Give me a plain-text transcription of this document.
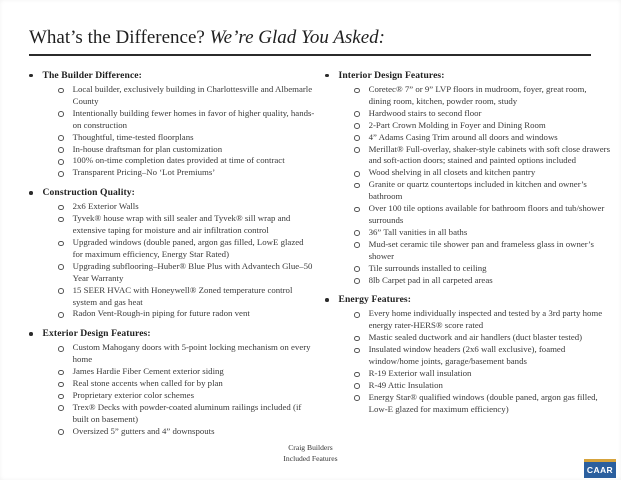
What’s the Difference? We’re Glad You Asked:
The Builder Difference:
Local builder, exclusively building in Charlottesville and Albemarle County
Intentionally building fewer homes in favor of higher quality, hands-on construction
Thoughtful, time-tested floorplans
In-house draftsman for plan customization
100% on-time completion dates provided at time of contract
Transparent Pricing–No ‘Lot Premiums’
Construction Quality:
2x6 Exterior Walls
Tyvek® house wrap with sill sealer and Tyvek® sill wrap and extensive taping for moisture and air infiltration control
Upgraded windows (double paned, argon gas filled, LowE glazed for maximum efficiency, Energy Star Rated)
Upgrading subflooring–Huber® Blue Plus with Advantech Glue–50 Year Warranty
15 SEER HVAC with Honeywell® Zoned temperature control system and gas heat
Radon Vent-Rough-in piping for future radon vent
Exterior Design Features:
Custom Mahogany doors with 5-point locking mechanism on every home
James Hardie Fiber Cement exterior siding
Real stone accents when called for by plan
Proprietary exterior color schemes
Trex® Decks with powder-coated aluminum railings included (if built on basement)
Oversized 5” gutters and 4” downspouts
Interior Design Features:
Coretec® 7” or 9” LVP floors in mudroom, foyer, great room, dining room, kitchen, powder room, study
Hardwood stairs to second floor
2-Part Crown Molding in Foyer and Dining Room
4” Adams Casing Trim around all doors and windows
Merillat® Full-overlay, shaker-style cabinets with soft close drawers and soft-action doors; stained and painted options included
Wood shelving in all closets and kitchen pantry
Granite or quartz countertops included in kitchen and owner’s bathroom
Over 100 tile options available for bathroom floors and tub/shower surrounds
36” Tall vanities in all baths
Mud-set ceramic tile shower pan and frameless glass in owner’s shower
Tile surrounds installed to ceiling
8lb Carpet pad in all carpeted areas
Energy Features:
Every home individually inspected and tested by a 3rd party home energy rater-HERS® score rated
Mastic sealed ductwork and air handlers (duct blaster tested)
Insulated window headers (2x6 wall exclusive), foamed window/home joints, garage/basement bands
R-19 Exterior wall insulation
R-49 Attic Insulation
Energy Star® qualified windows (double paned, argon gas filled, Low-E glazed for maximum efficiency)
Craig Builders
Included Features
CAAR
